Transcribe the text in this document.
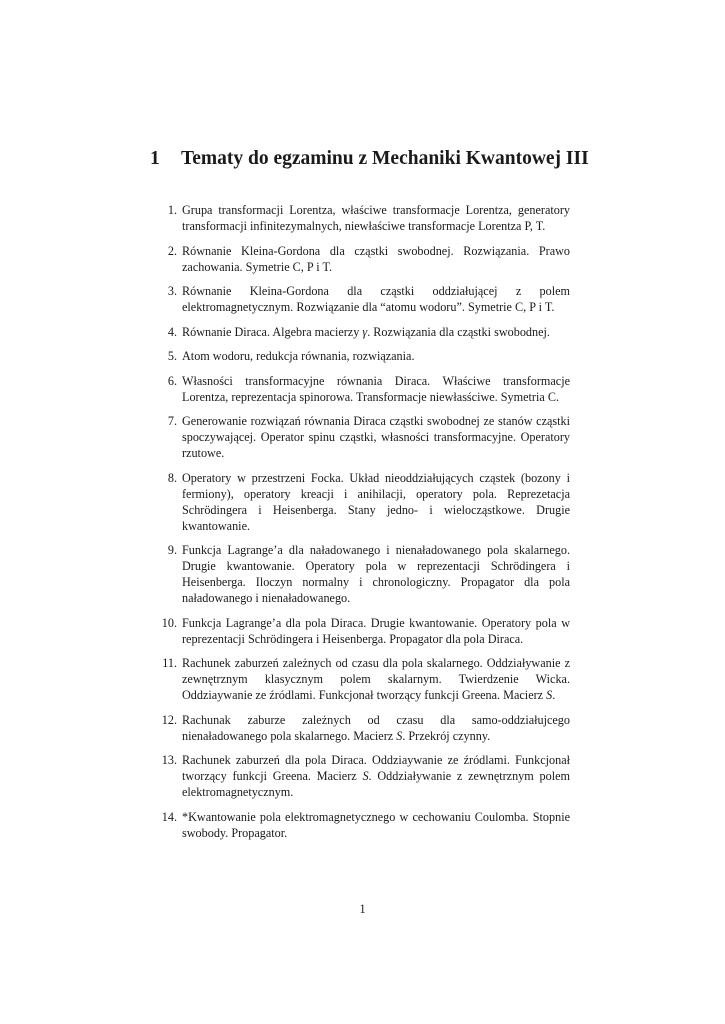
1 Tematy do egzaminu z Mechaniki Kwantowej III
1. Grupa transformacji Lorentza, właściwe transformacje Lorentza, generatory transformacji infinitezymalnych, niewłaściwe transformacje Lorentza P, T.
2. Równanie Kleina-Gordona dla cząstki swobodnej. Rozwiązania. Prawo zachowania. Symetrie C, P i T.
3. Równanie Kleina-Gordona dla cząstki oddziałującej z polem elektromagnetycznym. Rozwiązanie dla “atomu wodoru”. Symetrie C, P i T.
4. Równanie Diraca. Algebra macierzy γ. Rozwiązania dla cząstki swobodnej.
5. Atom wodoru, redukcja równania, rozwiązania.
6. Własności transformacyjne równania Diraca. Właściwe transformacje Lorentza, reprezentacja spinorowa. Transformacje niewłasściwe. Symetria C.
7. Generowanie rozwiązań równania Diraca cząstki swobodnej ze stanów cząstki spoczywającej. Operator spinu cząstki, własności transformacyjne. Operatory rzutowe.
8. Operatory w przestrzeni Focka. Układ nieoddziałujących cząstek (bozony i fermiony), operatory kreacji i anihilacji, operatory pola. Reprezetacja Schrödingera i Heisenberga. Stany jedno- i wielocząstkowe. Drugie kwantowanie.
9. Funkcja Lagrange’a dla naładowanego i nienaładowanego pola skalarnego. Drugie kwantowanie. Operatory pola w reprezentacji Schrödingera i Heisenberga. Iloczyn normalny i chronologiczny. Propagator dla pola naładowanego i nienaładowanego.
10. Funkcja Lagrange’a dla pola Diraca. Drugie kwantowanie. Operatory pola w reprezentacji Schrödingera i Heisenberga. Propagator dla pola Diraca.
11. Rachunek zaburzeń zależnych od czasu dla pola skalarnego. Oddziaływanie z zewnętrznym klasycznym polem skalarnym. Twierdzenie Wicka. Oddziaywanie ze źródlami. Funkcjonał tworzący funkcji Greena. Macierz S.
12. Rachunak zaburze zależnych od czasu dla samo-oddziałujcego nienaładowanego pola skalarnego. Macierz S. Przekrój czynny.
13. Rachunek zaburzeń dla pola Diraca. Oddziaywanie ze źródlami. Funkcjonał tworzący funkcji Greena. Macierz S. Oddziaływanie z zewnętrznym polem elektromagnetycznym.
14. *Kwantowanie pola elektromagnetycznego w cechowaniu Coulomba. Stopnie swobody. Propagator.
1
